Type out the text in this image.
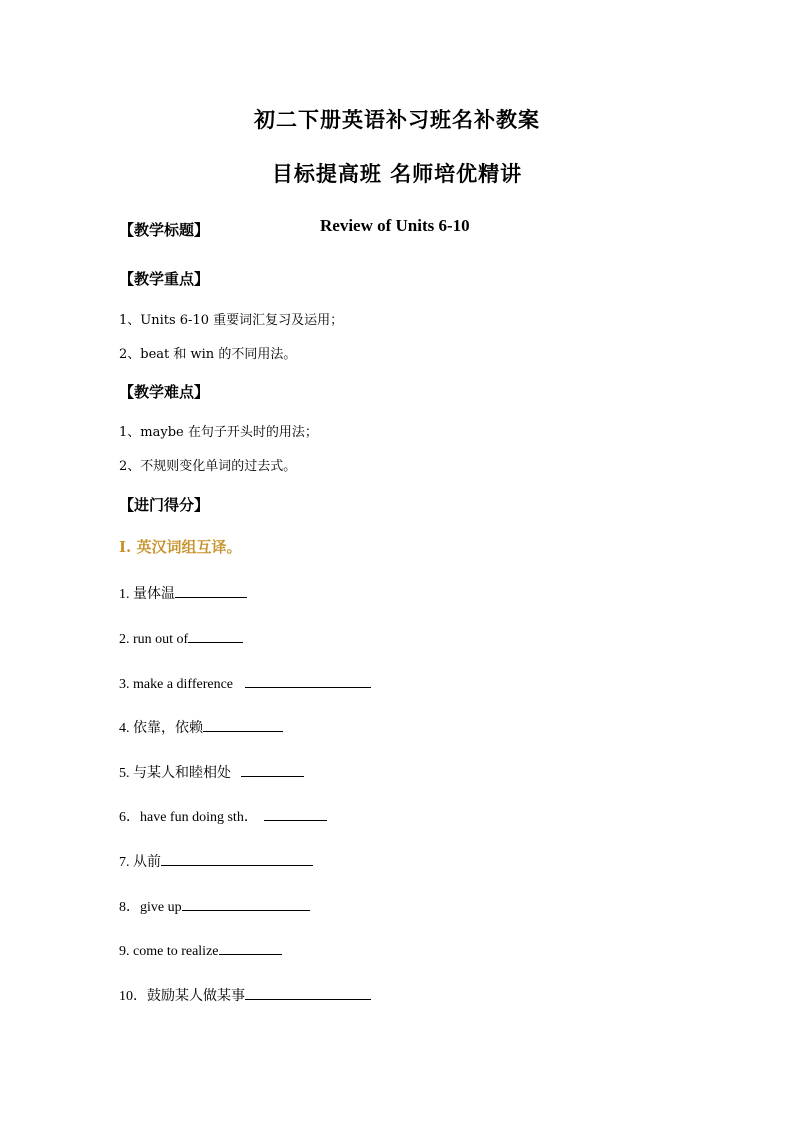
初二下册英语补习班名补教案
目标提高班 名师培优精讲
【教学标题】	Review of Units 6-10
【教学重点】
1、Units 6-10 重要词汇复习及运用；
2、beat 和 win 的不同用法。
【教学难点】
1、maybe 在句子开头时的用法；
2、不规则变化单词的过去式。
【进门得分】
I. 英汉词组互译。
1. 量体温
2. run out of
3. make a difference
4. 依靠，依赖
5. 与某人和睦相处
6．have fun doing sth．
7. 从前
8．give up
9. come to realize
10．鼓励某人做某事
